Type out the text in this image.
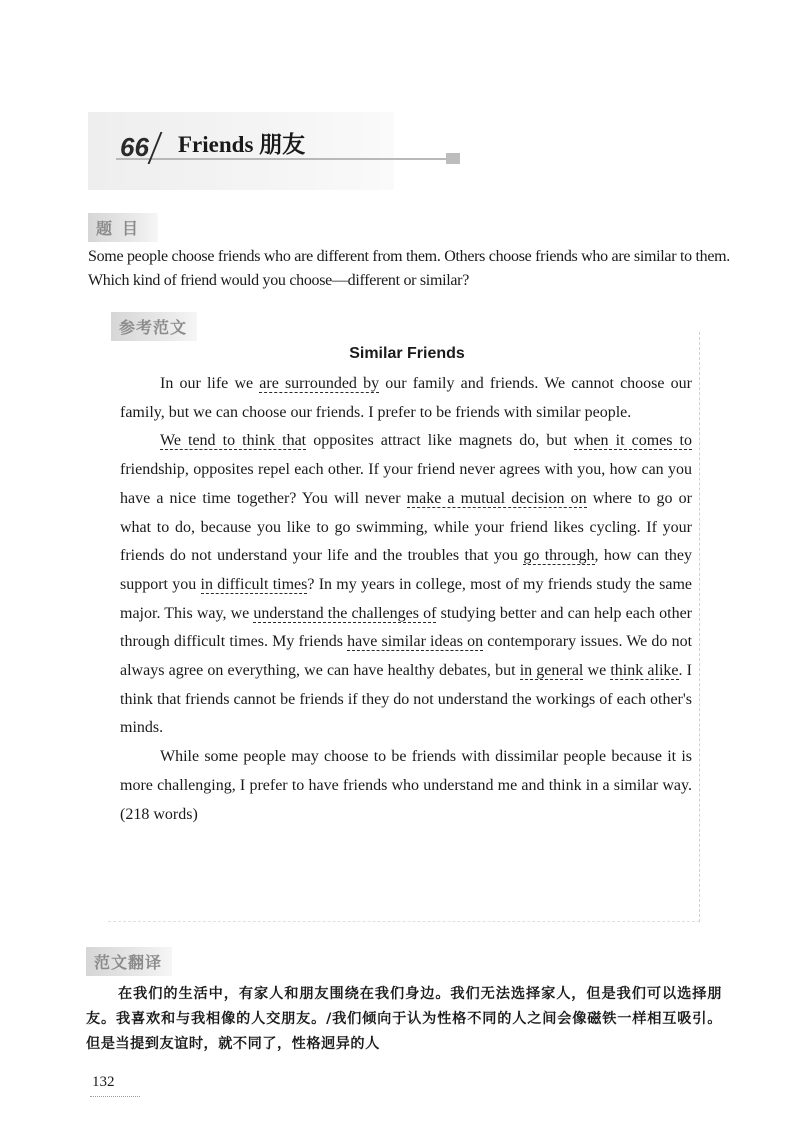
66 Friends 朋友
题目

Some people choose friends who are different from them. Others choose friends who are similar to them. Which kind of friend would you choose—different or similar?

参考范文
Similar Friends

In our life we are surrounded by our family and friends. We cannot choose our family, but we can choose our friends. I prefer to be friends with similar people.

We tend to think that opposites attract like magnets do, but when it comes to friendship, opposites repel each other. If your friend never agrees with you, how can you have a nice time together? You will never make a mutual decision on where to go or what to do, because you like to go swimming, while your friend likes cycling. If your friends do not understand your life and the troubles that you go through, how can they support you in difficult times? In my years in college, most of my friends study the same major. This way, we understand the challenges of studying better and can help each other through difficult times. My friends have similar ideas on contemporary issues. We do not always agree on everything, we can have healthy debates, but in general we think alike. I think that friends cannot be friends if they do not understand the workings of each other's minds.

While some people may choose to be friends with dissimilar people because it is more challenging, I prefer to have friends who understand me and think in a similar way. (218 words)

范文翻译

在我们的生活中，有家人和朋友围绕在我们身边。我们无法选择家人，但是我们可以选择朋友。我喜欢和与我相像的人交朋友。/我们倾向于认为性格不同的人之间会像磁铁一样相互吸引。但是当提到友谊时，就不同了，性格迥异的人

132
